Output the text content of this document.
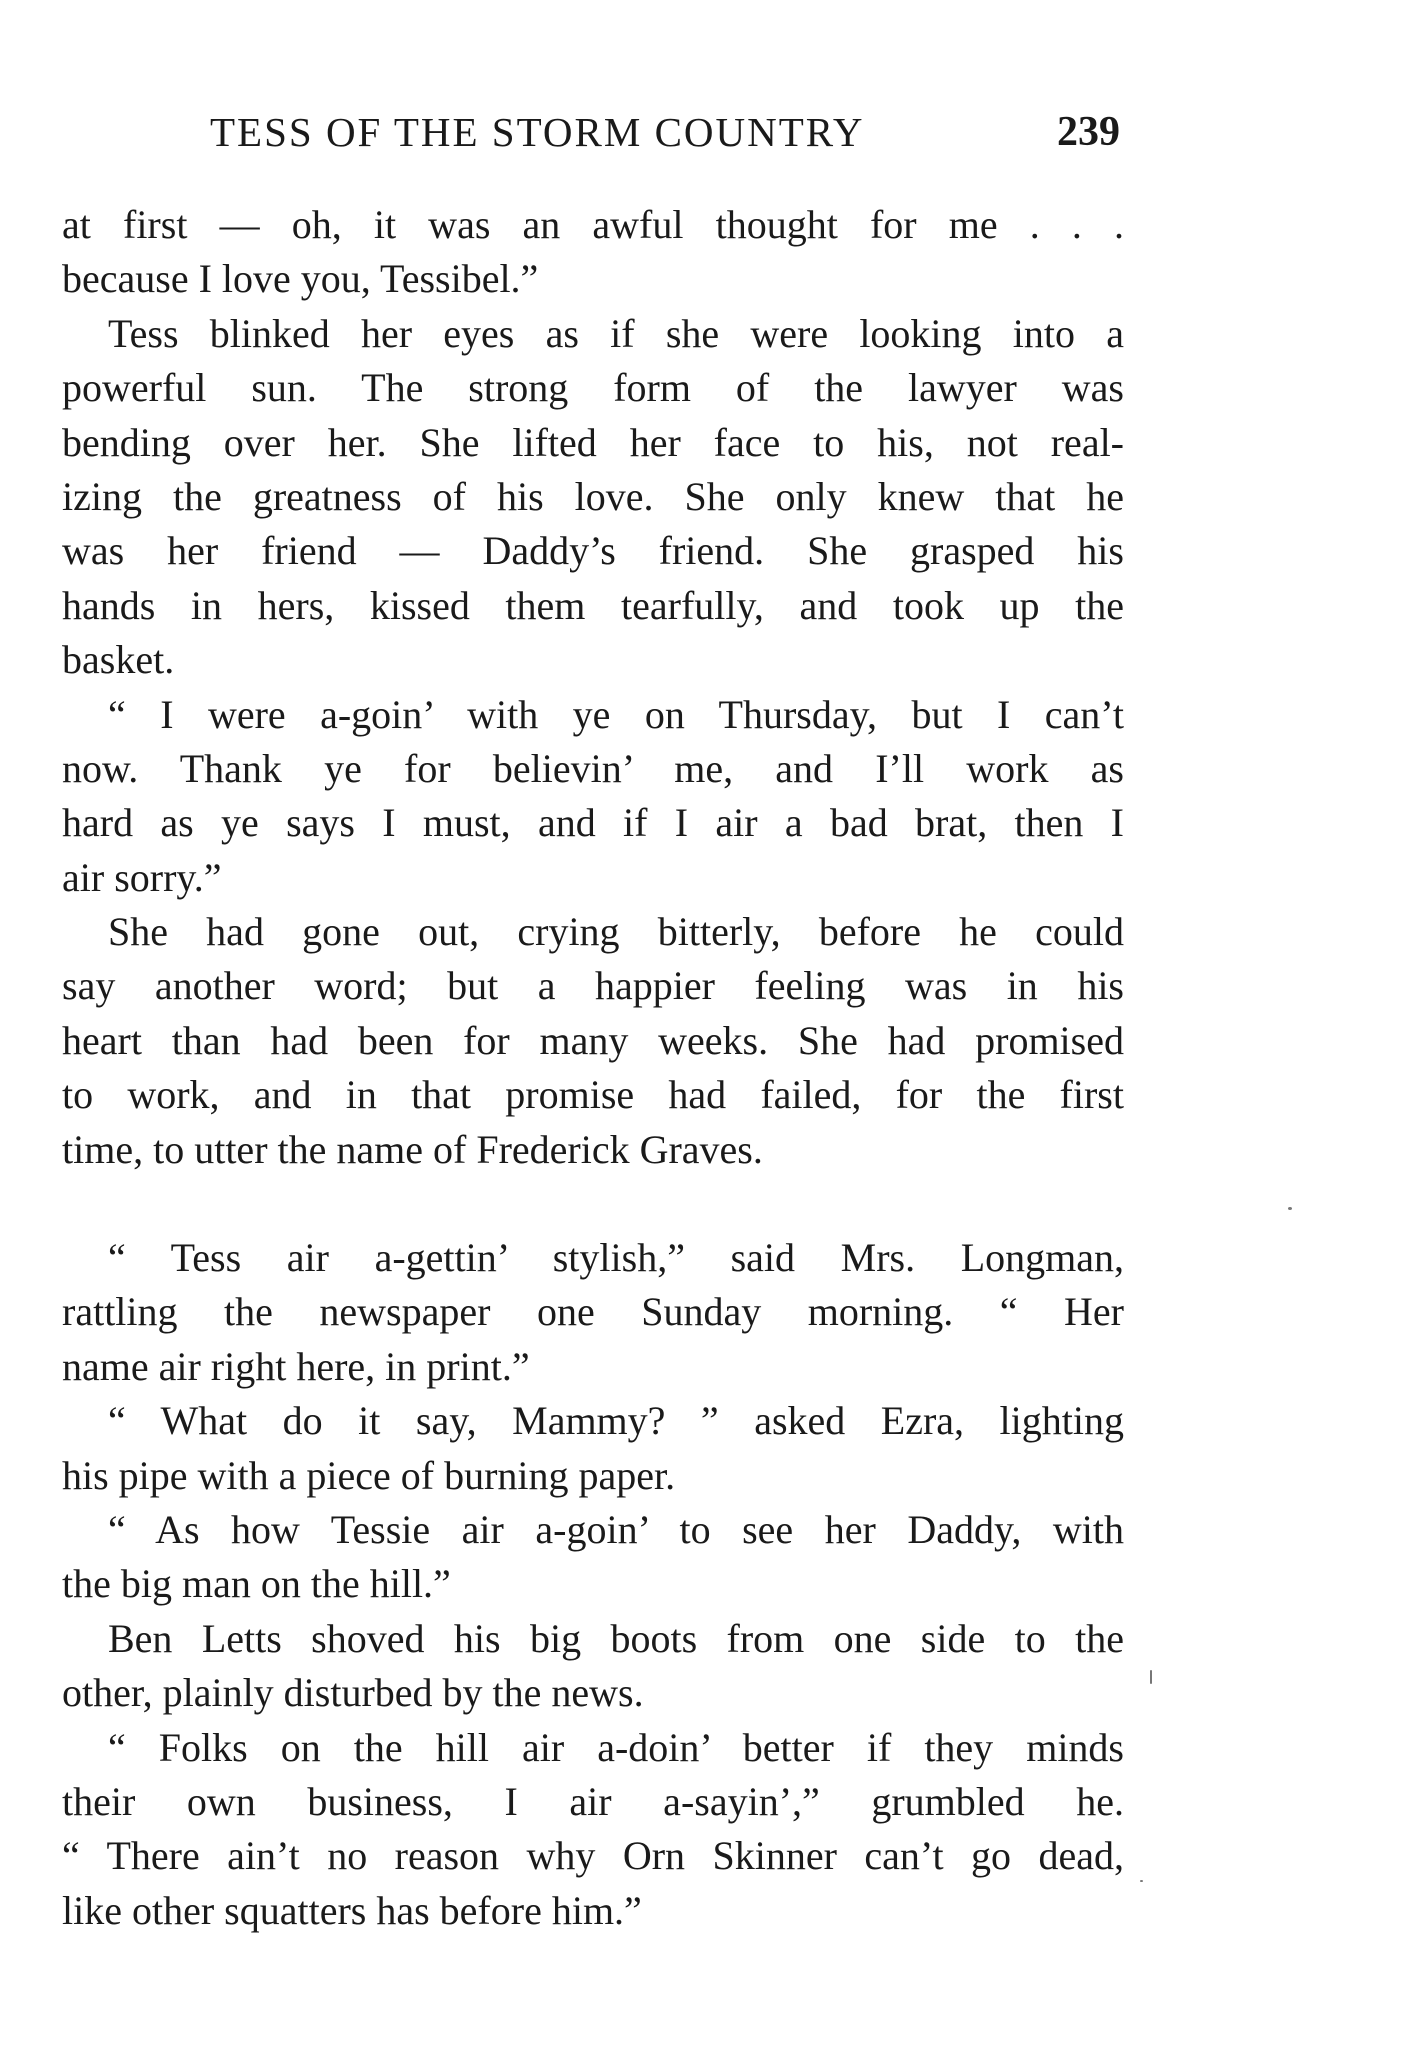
TESS OF THE STORM COUNTRY	239
at first — oh, it was an awful thought for me . . .
because I love you, Tessibel.”
Tess blinked her eyes as if she were looking into a
powerful sun. The strong form of the lawyer was
bending over her. She lifted her face to his, not real-
izing the greatness of his love. She only knew that he
was her friend — Daddy’s friend. She grasped his
hands in hers, kissed them tearfully, and took up the
basket.
“ I were a-goin’ with ye on Thursday, but I can’t
now. Thank ye for believin’ me, and I’ll work as
hard as ye says I must, and if I air a bad brat, then I
air sorry.”
She had gone out, crying bitterly, before he could
say another word; but a happier feeling was in his
heart than had been for many weeks. She had promised
to work, and in that promise had failed, for the first
time, to utter the name of Frederick Graves.
“ Tess air a-gettin’ stylish,” said Mrs. Longman,
rattling the newspaper one Sunday morning. “ Her
name air right here, in print.”
“ What do it say, Mammy? ” asked Ezra, lighting
his pipe with a piece of burning paper.
“ As how Tessie air a-goin’ to see her Daddy, with
the big man on the hill.”
Ben Letts shoved his big boots from one side to the
other, plainly disturbed by the news.
“ Folks on the hill air a-doin’ better if they minds
their own business, I air a-sayin’,” grumbled he.
“ There ain’t no reason why Orn Skinner can’t go dead,
like other squatters has before him.”
